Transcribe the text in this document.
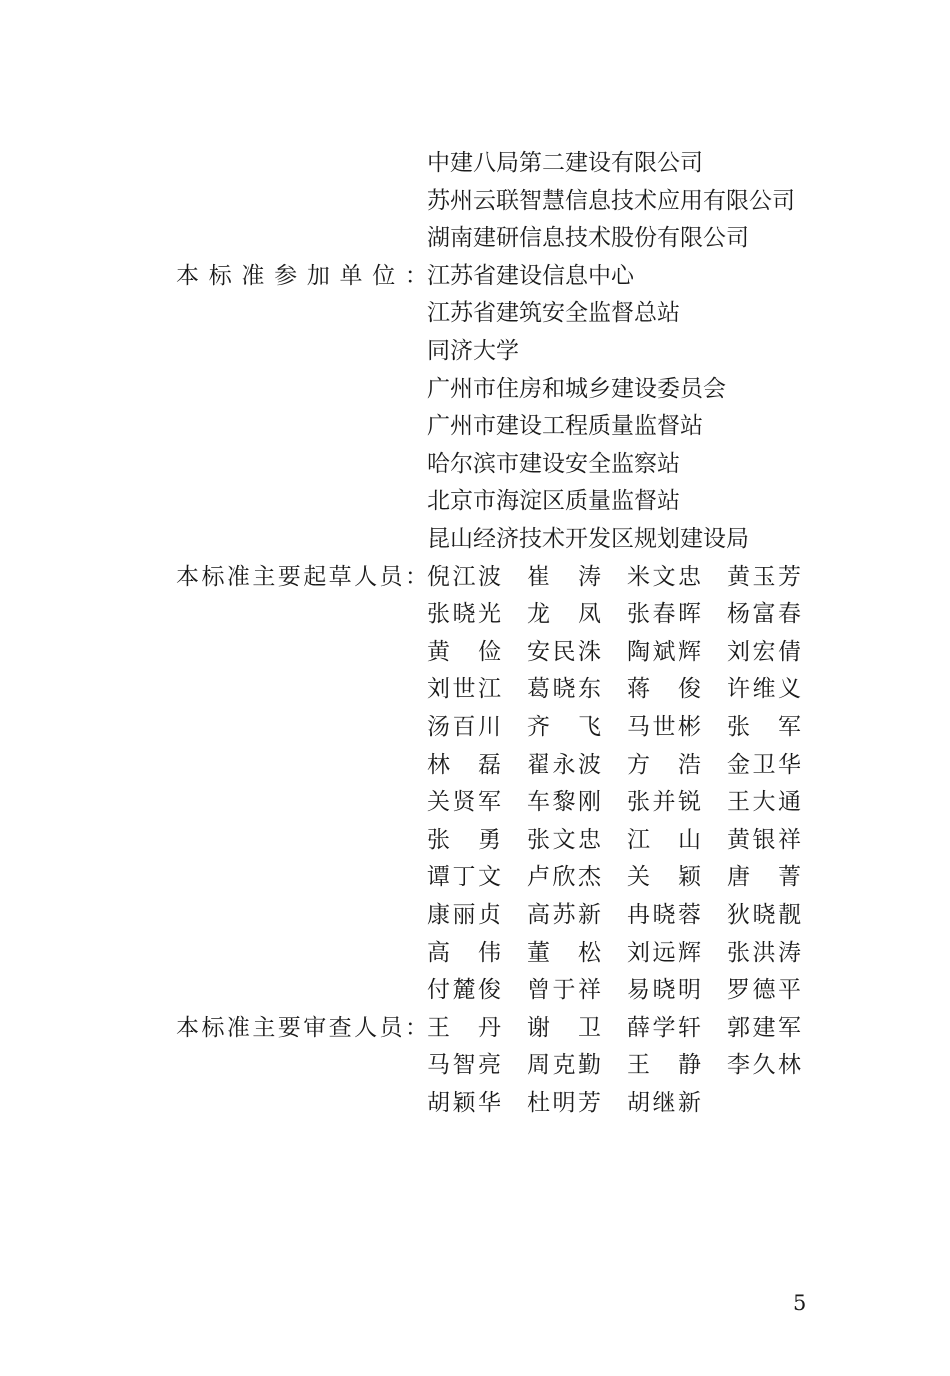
中建八局第二建设有限公司
苏州云联智慧信息技术应用有限公司
湖南建研信息技术股份有限公司
本 标 准 参 加 单 位 ： 江苏省建设信息中心
江苏省建筑安全监督总站
同济大学
广州市住房和城乡建设委员会
广州市建设工程质量监督站
哈尔滨市建设安全监察站
北京市海淀区质量监督站
昆山经济技术开发区规划建设局
本 标 准 主 要 起 草 人 员 ： 倪 江 波 崔 涛 米 文 忠 黄 玉 芳
张 晓 光 龙 凤 张 春 晖 杨 富 春
黄 俭 安 民 洙 陶 斌 辉 刘 宏 倩
刘 世 江 葛 晓 东 蒋 俊 许 维 义
汤 百 川 齐 飞 马 世 彬 张 军
林 磊 翟 永 波 方 浩 金 卫 华
关 贤 军 车 黎 刚 张 并 锐 王 大 通
张 勇 张 文 忠 江 山 黄 银 祥
谭 丁 文 卢 欣 杰 关 颖 唐 菁
康 丽 贞 高 苏 新 冉 晓 蓉 狄 晓 靓
高 伟 董 松 刘 远 辉 张 洪 涛
付 麓 俊 曾 于 祥 易 晓 明 罗 德 平
本 标 准 主 要 审 查 人 员 ： 王 丹 谢 卫 薛 学 轩 郭 建 军
马 智 亮 周 克 勤 王 静 李 久 林
胡 颖 华 杜 明 芳 胡 继 新
5
